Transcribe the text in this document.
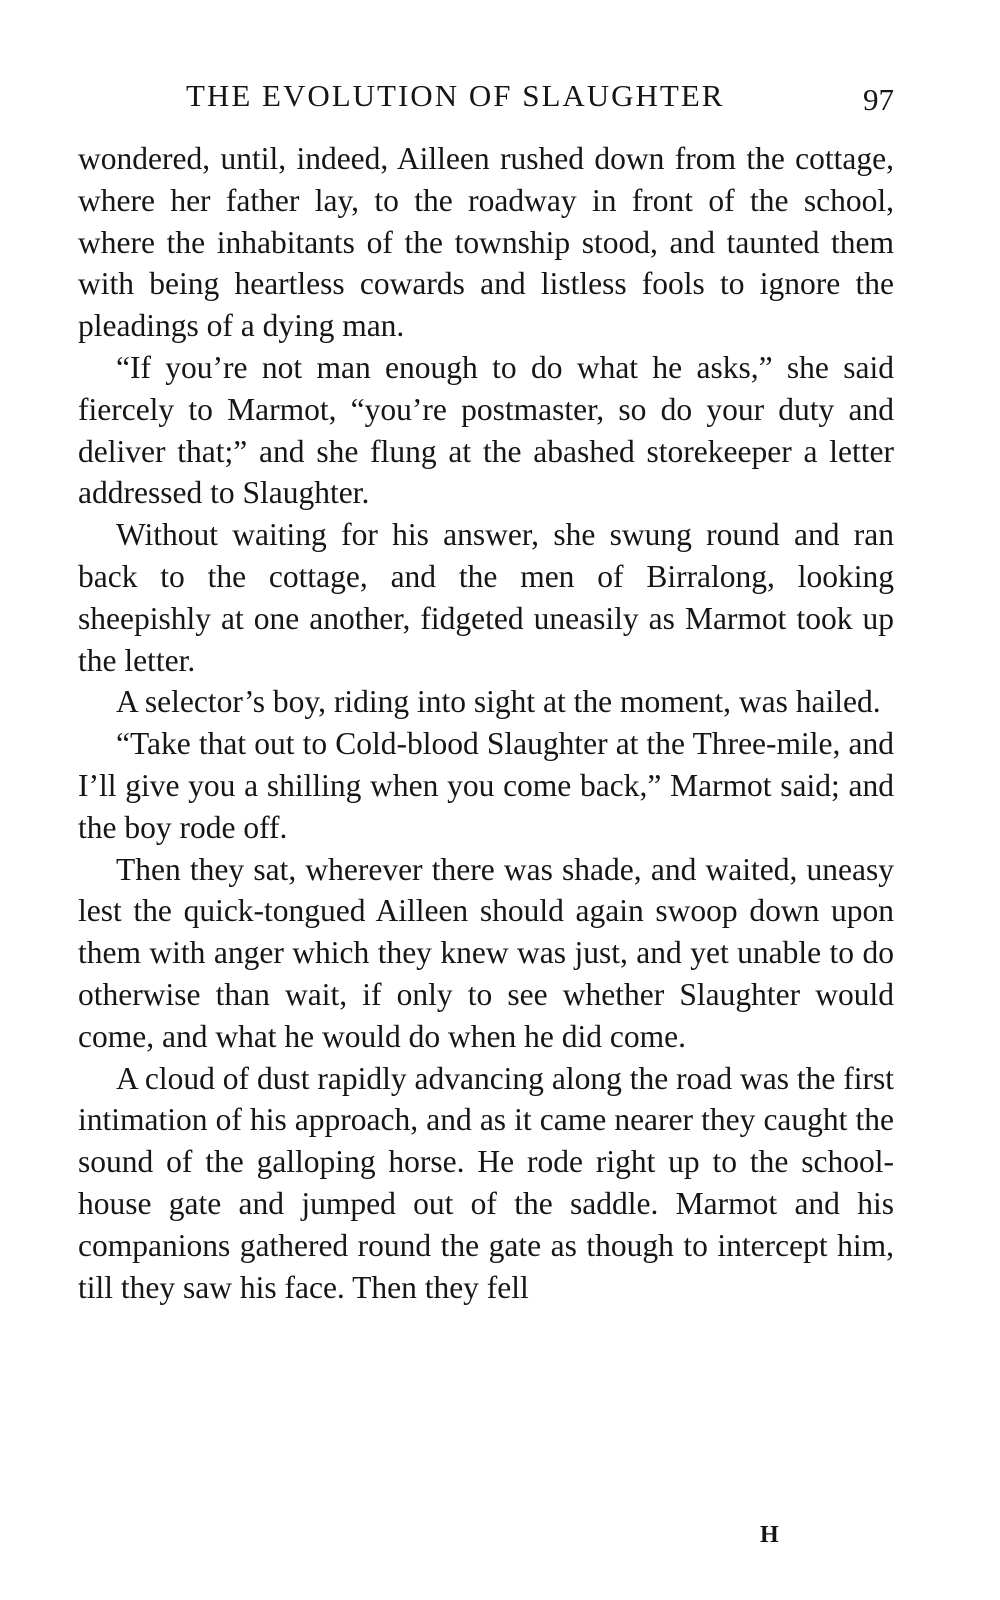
THE EVOLUTION OF SLAUGHTER	97

wondered, until, indeed, Ailleen rushed down from the cottage, where her father lay, to the roadway in front of the school, where the inhabitants of the township stood, and taunted them with being heartless cowards and listless fools to ignore the pleadings of a dying man.

“If you’re not man enough to do what he asks,” she said fiercely to Marmot, “you’re postmaster, so do your duty and deliver that;” and she flung at the abashed storekeeper a letter addressed to Slaughter.

Without waiting for his answer, she swung round and ran back to the cottage, and the men of Birralong, looking sheepishly at one another, fidgeted uneasily as Marmot took up the letter.

A selector’s boy, riding into sight at the moment, was hailed.

“Take that out to Cold-blood Slaughter at the Three-mile, and I’ll give you a shilling when you come back,” Marmot said; and the boy rode off.

Then they sat, wherever there was shade, and waited, uneasy lest the quick-tongued Ailleen should again swoop down upon them with anger which they knew was just, and yet unable to do otherwise than wait, if only to see whether Slaughter would come, and what he would do when he did come.

A cloud of dust rapidly advancing along the road was the first intimation of his approach, and as it came nearer they caught the sound of the galloping horse. He rode right up to the school-house gate and jumped out of the saddle. Marmot and his companions gathered round the gate as though to intercept him, till they saw his face. Then they fell

H
